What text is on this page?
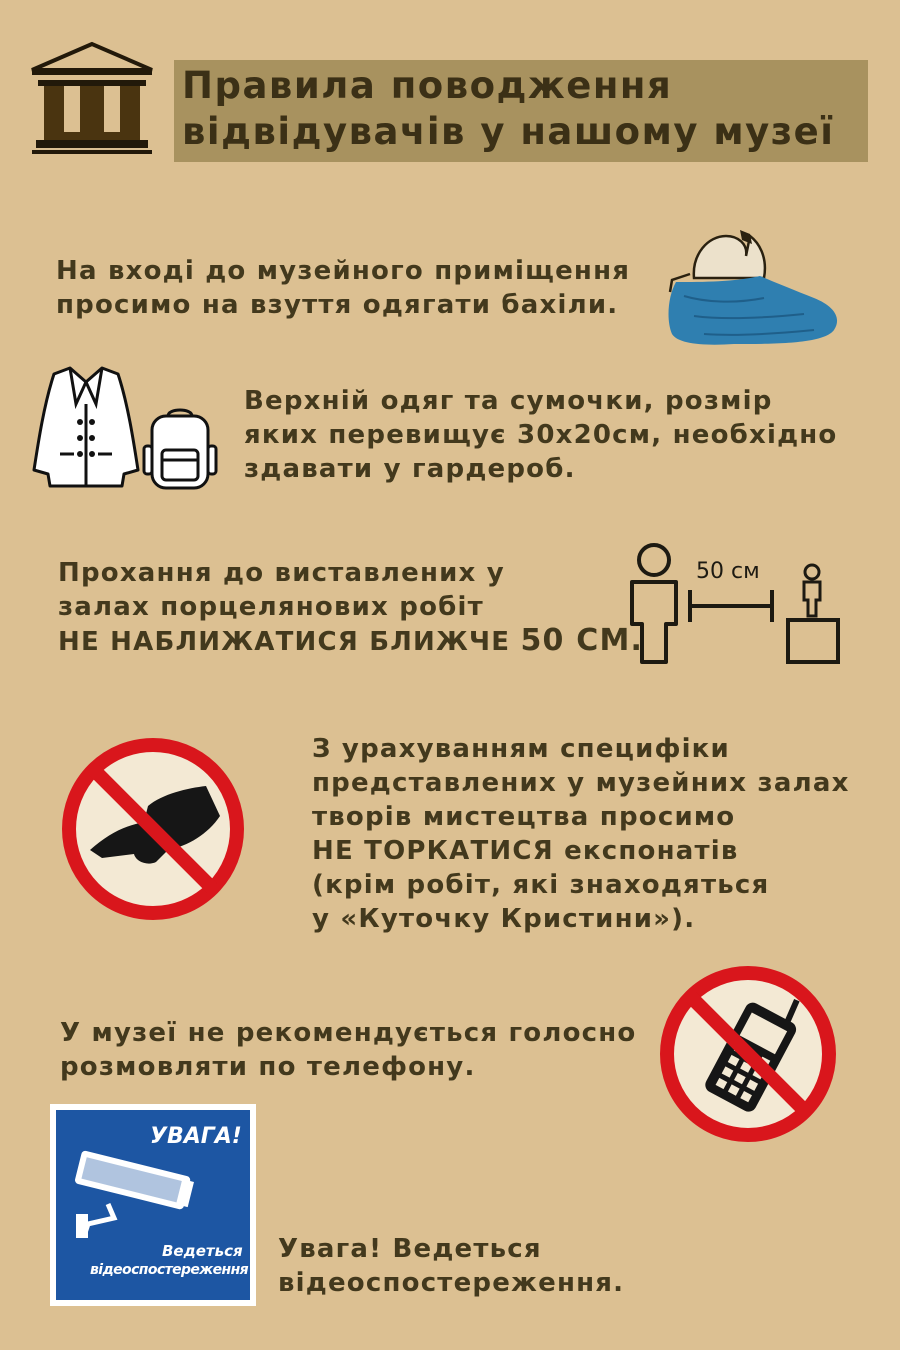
Правила поводження
відвідувачів у нашому музеї
На вході до музейного приміщення
просимо на взуття одягати бахіли.
Верхній одяг та сумочки, розмір
яких перевищує 30х20см, необхідно
здавати у гардероб.
Прохання до виставлених у
залах порцелянових робіт
НЕ НАБЛИЖАТИСЯ БЛИЖЧЕ 50 СМ.
50 см
З урахуванням специфіки
представлених у музейних залах
творів мистецтва просимо
НЕ ТОРКАТИСЯ експонатів
(крім робіт, які знаходяться
у «Куточку Кристини»).
У музеї не рекомендується голосно
розмовляти по телефону.
УВАГА!
Ведеться
відеоспостереження
Увага! Ведеться
відеоспостереження.
